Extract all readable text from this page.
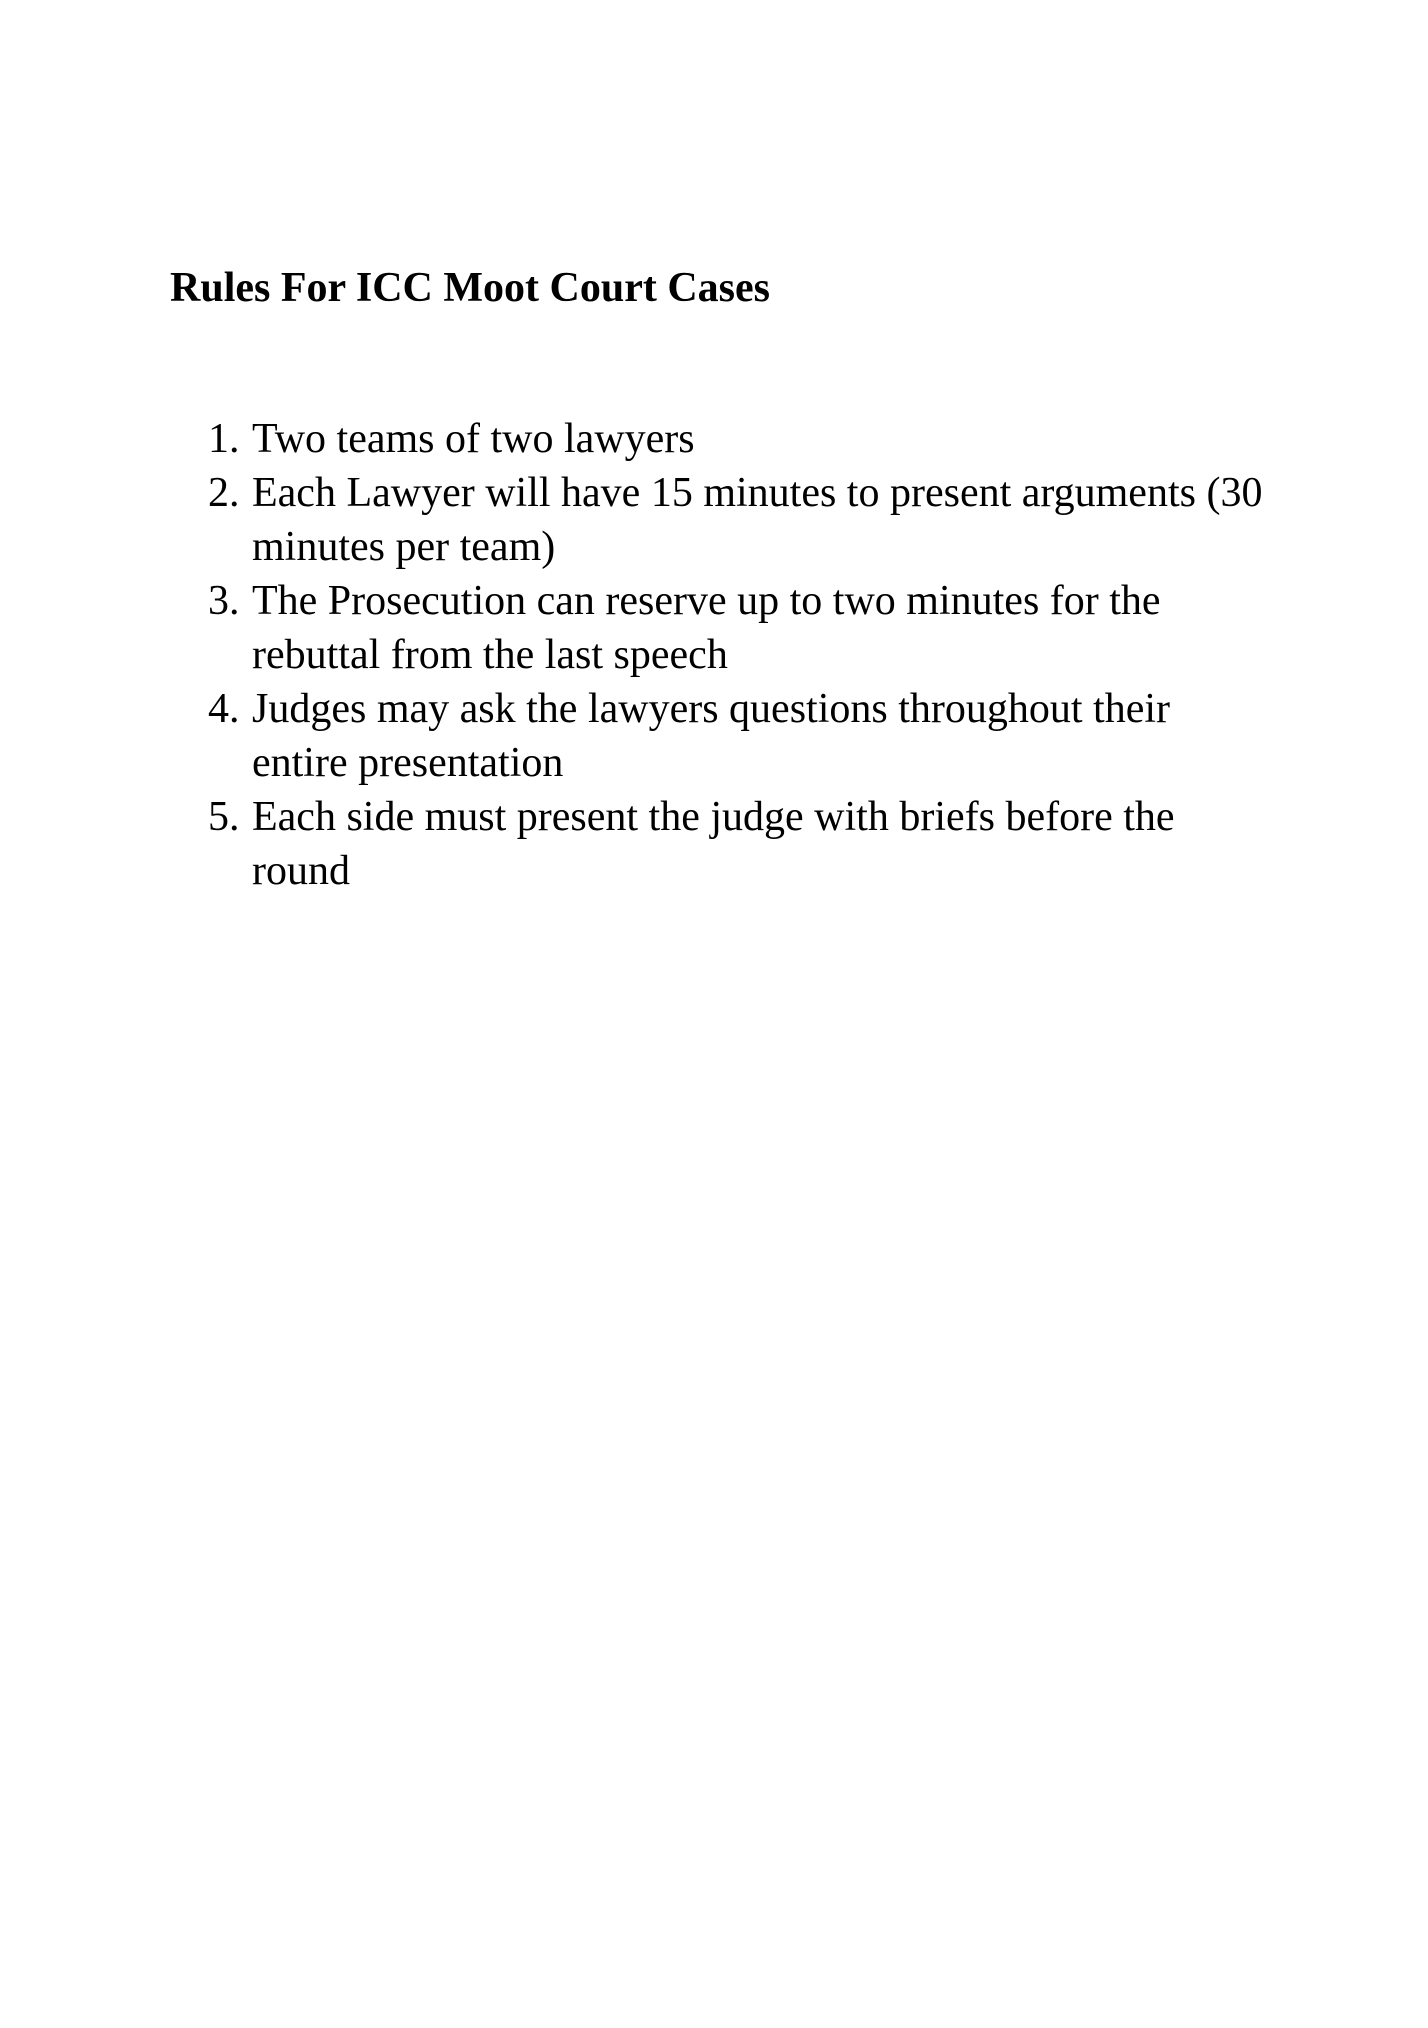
Rules For ICC Moot Court Cases
1. Two teams of two lawyers
2. Each Lawyer will have 15 minutes to present arguments (30 minutes per team)
3. The Prosecution can reserve up to two minutes for the rebuttal from the last speech
4. Judges may ask the lawyers questions throughout their entire presentation
5. Each side must present the judge with briefs before the round
